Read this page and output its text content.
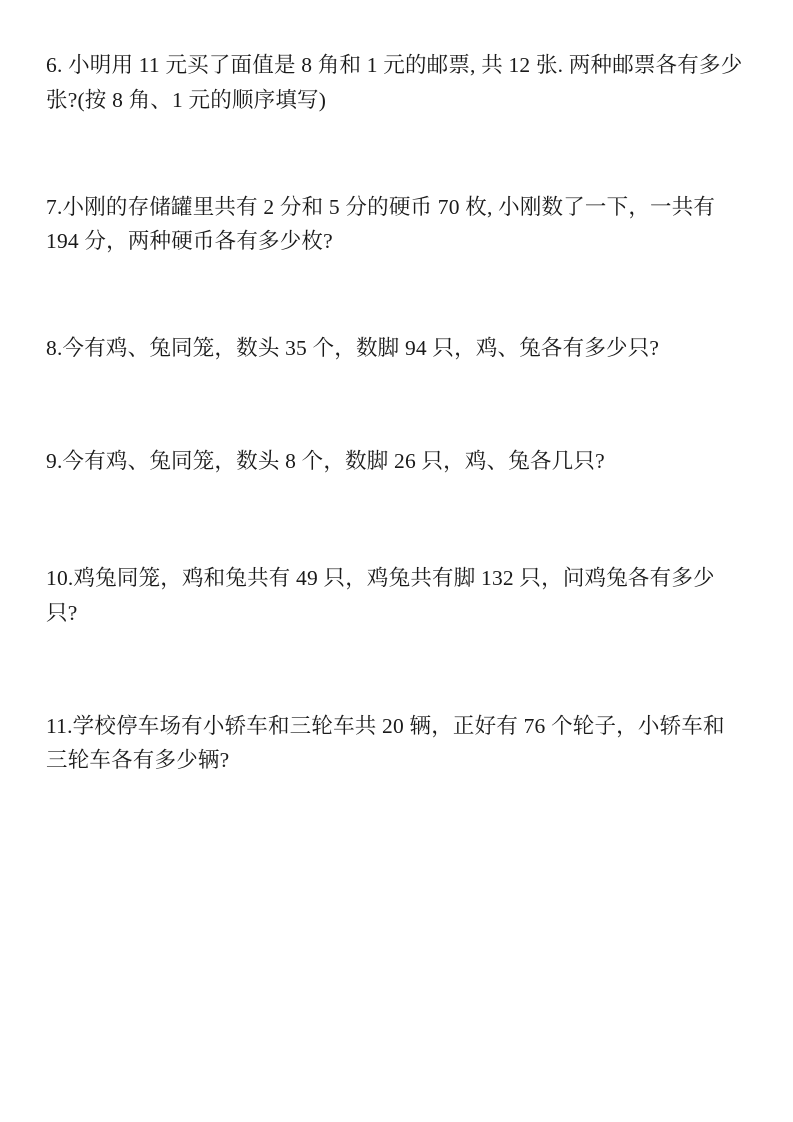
6. 小明用 11 元买了面值是 8 角和 1 元的邮票, 共 12 张. 两种邮票各有多少张?(按 8 角、1 元的顺序填写)

7.小刚的存储罐里共有 2 分和 5 分的硬币 70 枚, 小刚数了一下，一共有 194 分，两种硬币各有多少枚?

8.今有鸡、兔同笼，数头 35 个，数脚 94 只，鸡、兔各有多少只?

9.今有鸡、兔同笼，数头 8 个，数脚 26 只，鸡、兔各几只?

10.鸡兔同笼，鸡和兔共有 49 只，鸡兔共有脚 132 只，问鸡兔各有多少只?

11.学校停车场有小轿车和三轮车共 20 辆，正好有 76 个轮子，小轿车和三轮车各有多少辆?
